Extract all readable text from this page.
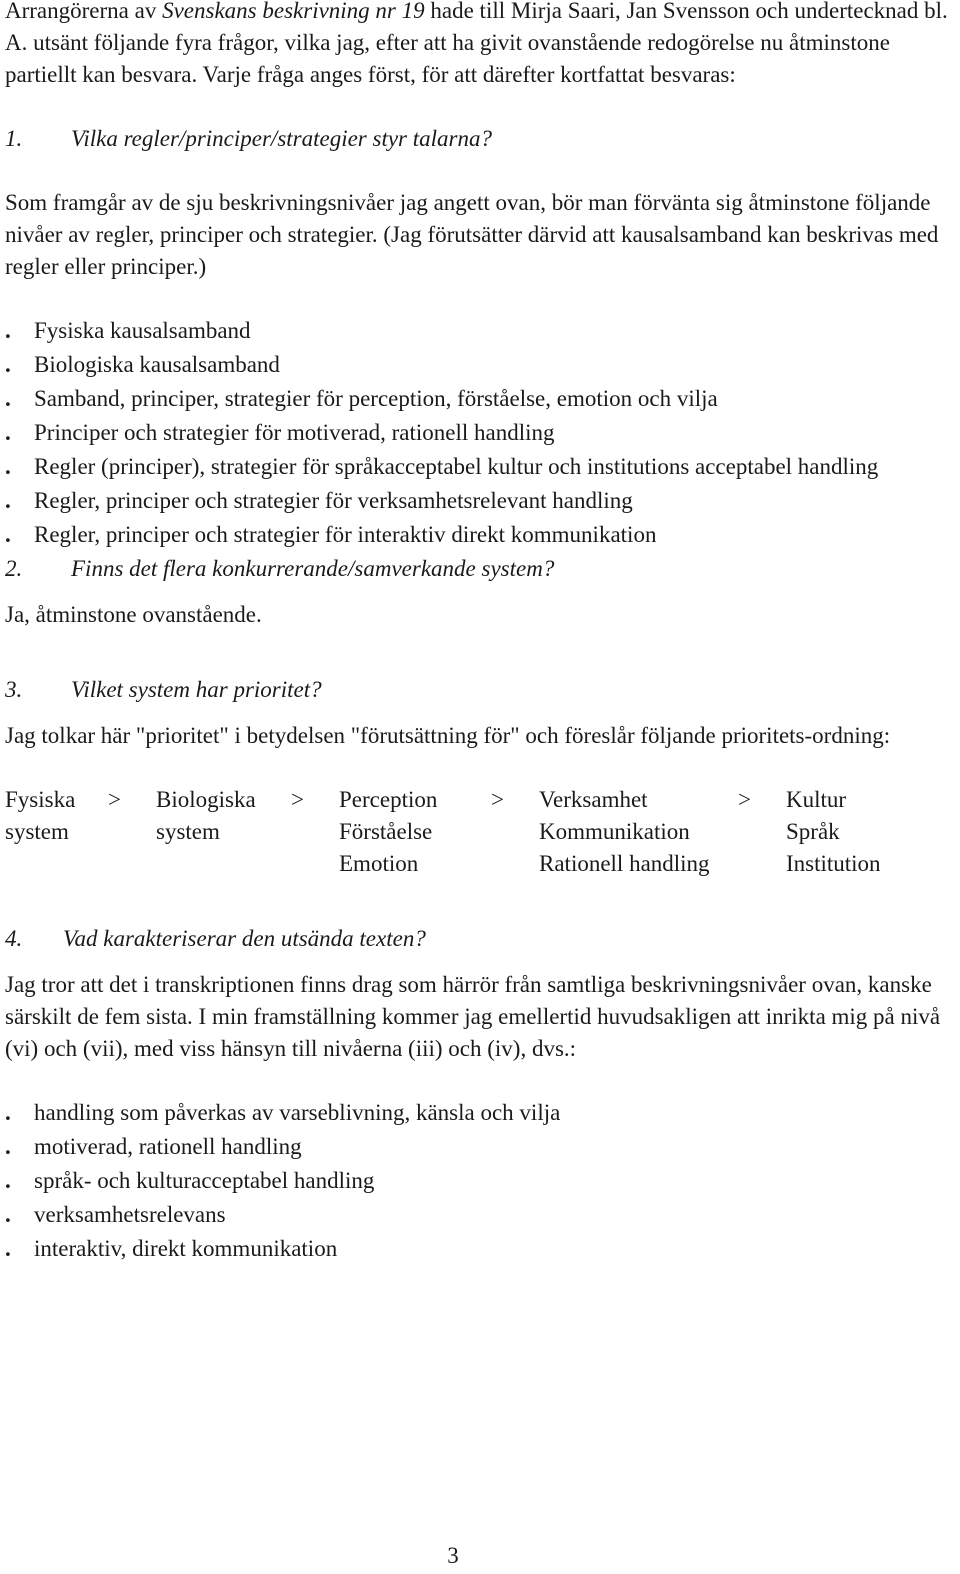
Arrangörerna av Svenskans beskrivning nr 19 hade till Mirja Saari, Jan Svensson och undertecknad bl. A. utsänt följande fyra frågor, vilka jag, efter att ha givit ovanstående redogörelse nu åtminstone partiellt kan besvara. Varje fråga anges först, för att därefter kortfattat besvaras:

1. Vilka regler/principer/strategier styr talarna?

Som framgår av de sju beskrivningsnivåer jag angett ovan, bör man förvänta sig åtminstone följande nivåer av regler, principer och strategier. (Jag förutsätter därvid att kausalsamband kan beskrivas med regler eller principer.)

. Fysiska kausalsamband
. Biologiska kausalsamband
. Samband, principer, strategier för perception, förståelse, emotion och vilja
. Principer och strategier för motiverad, rationell handling
. Regler (principer), strategier för språkacceptabel kultur och institutions acceptabel handling
. Regler, principer och strategier för verksamhetsrelevant handling
. Regler, principer och strategier för interaktiv direkt kommunikation

2. Finns det flera konkurrerande/samverkande system?

Ja, åtminstone ovanstående.

3. Vilket system har prioritet?

Jag tolkar här "prioritet" i betydelsen "förutsättning för" och föreslår följande prioritets-ordning:

Fysiska	>	Biologiska	>	Perception	>	Verksamhet	>	Kultur
system		system		Förståelse		Kommunikation		Språk
				Emotion		Rationell handling		Institution

4. Vad karakteriserar den utsända texten?

Jag tror att det i transkriptionen finns drag som härrör från samtliga beskrivningsnivåer ovan, kanske särskilt de fem sista. I min framställning kommer jag emellertid huvudsakligen att inrikta mig på nivå (vi) och (vii), med viss hänsyn till nivåerna (iii) och (iv), dvs.:

. handling som påverkas av varseblivning, känsla och vilja
. motiverad, rationell handling
. språk- och kulturacceptabel handling
. verksamhetsrelevans
. interaktiv, direkt kommunikation
3
